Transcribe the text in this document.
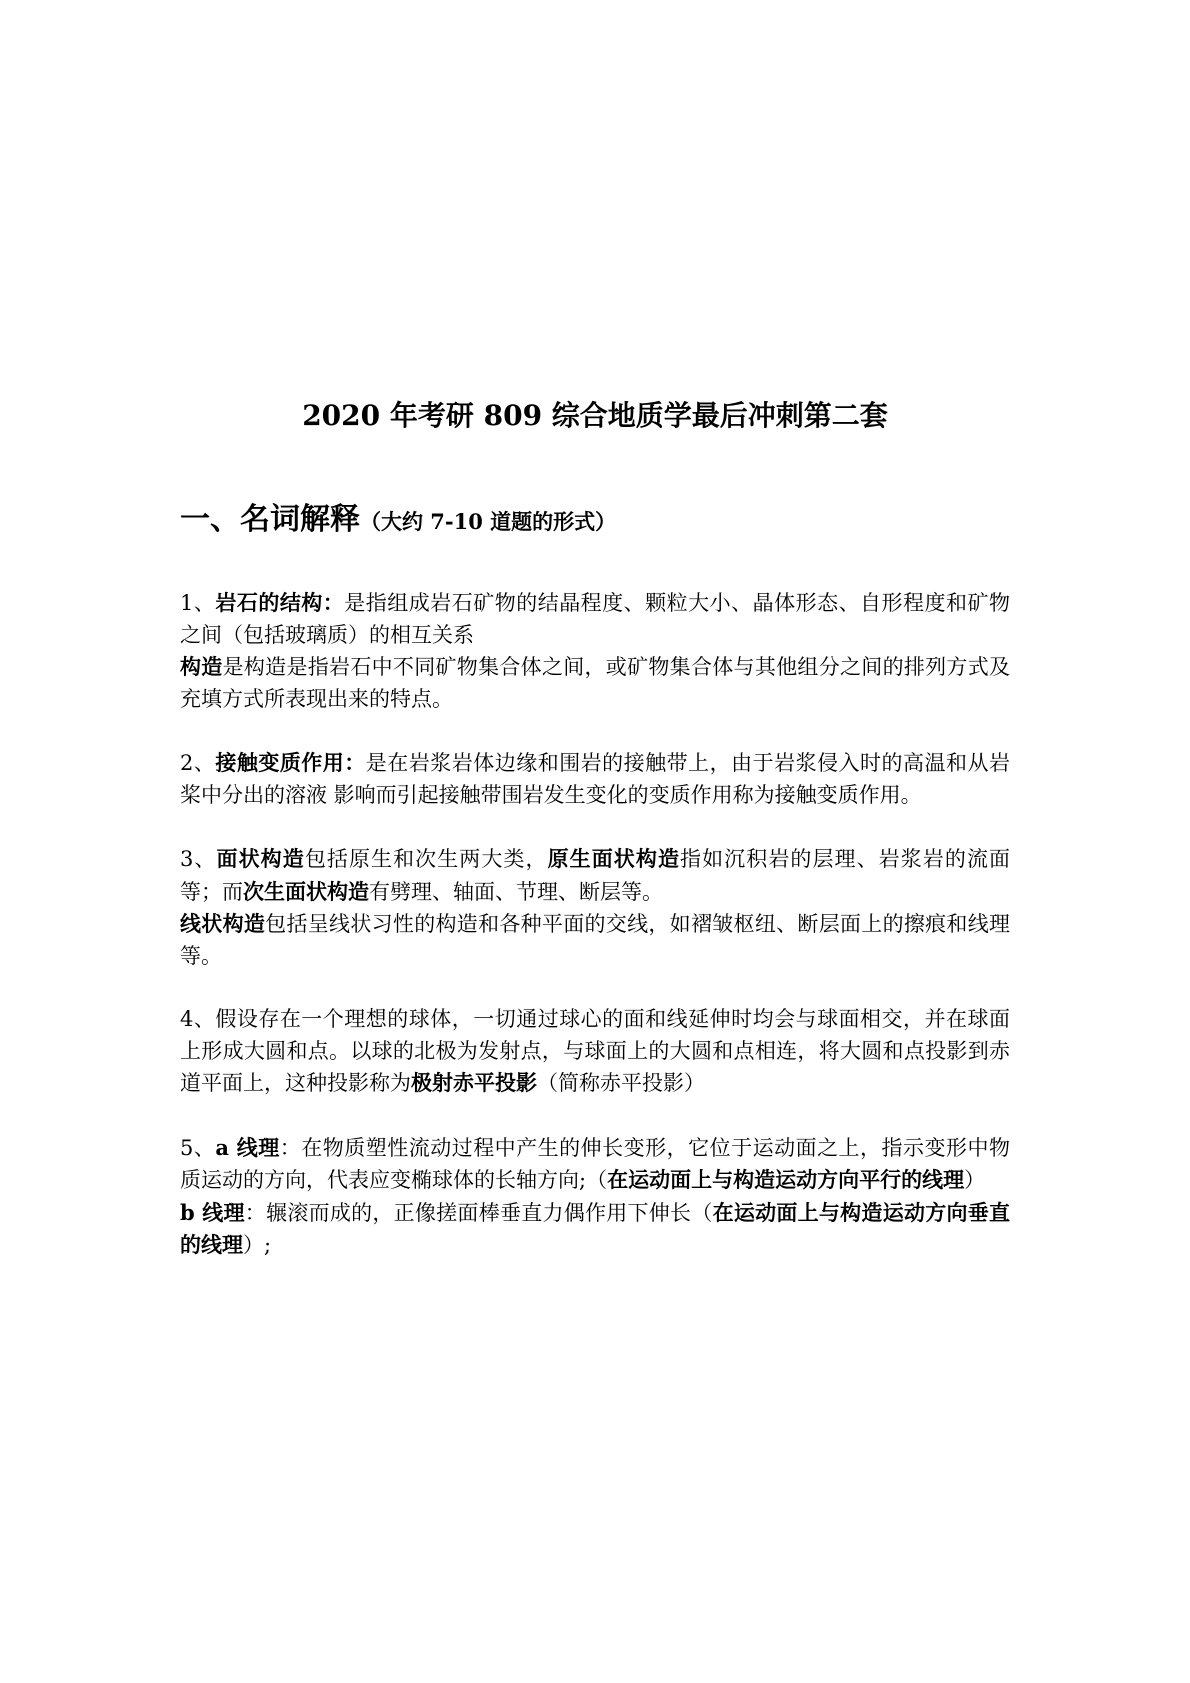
2020 年考研 809 综合地质学最后冲刺第二套
一、名词解释（大约 7-10 道题的形式）

1、岩石的结构：是指组成岩石矿物的结晶程度、颗粒大小、晶体形态、自形程度和矿物之间（包括玻璃质）的相互关系

构造是构造是指岩石中不同矿物集合体之间，或矿物集合体与其他组分之间的排列方式及充填方式所表现出来的特点。

2、接触变质作用：是在岩浆岩体边缘和围岩的接触带上，由于岩浆侵入时的高温和从岩桨中分出的溶液 影响而引起接触带围岩发生变化的变质作用称为接触变质作用。

3、面状构造包括原生和次生两大类，原生面状构造指如沉积岩的层理、岩浆岩的流面等；而次生面状构造有劈理、轴面、节理、断层等。

线状构造包括呈线状习性的构造和各种平面的交线，如褶皱枢纽、断层面上的擦痕和线理等。

4、假设存在一个理想的球体，一切通过球心的面和线延伸时均会与球面相交，并在球面上形成大圆和点。以球的北极为发射点，与球面上的大圆和点相连，将大圆和点投影到赤道平面上，这种投影称为极射赤平投影（简称赤平投影）

5、a 线理：在物质塑性流动过程中产生的伸长变形，它位于运动面之上，指示变形中物质运动的方向，代表应变椭球体的长轴方向;（在运动面上与构造运动方向平行的线理）

b 线理：辗滚而成的，正像搓面棒垂直力偶作用下伸长（在运动面上与构造运动方向垂直的线理）;
